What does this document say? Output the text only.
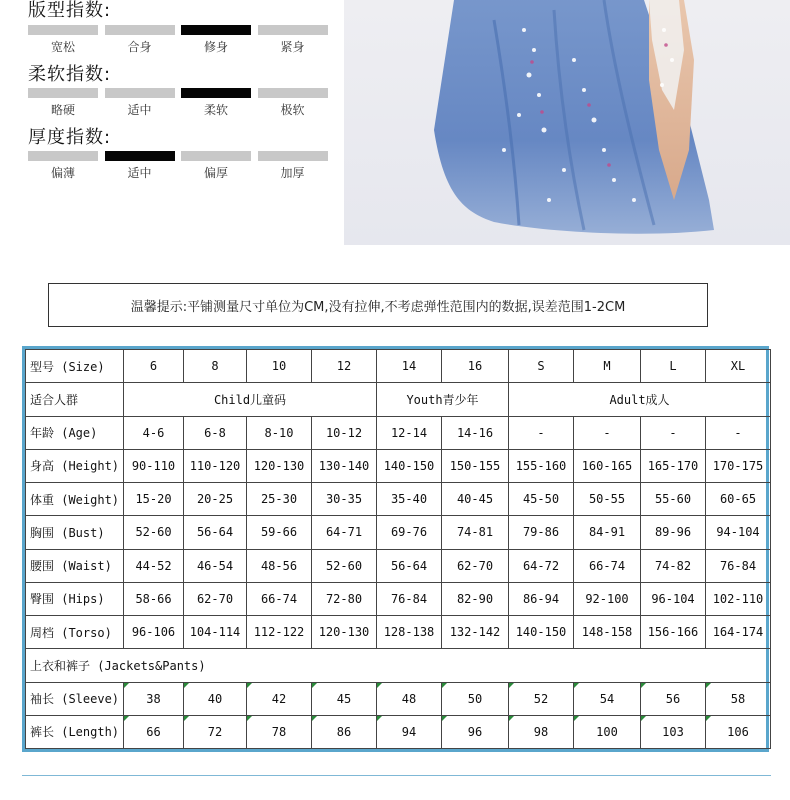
版型指数:
宽松	合身	修身	紧身
柔软指数:
略硬	适中	柔软	极软
厚度指数:
偏薄	适中	偏厚	加厚
温馨提示:平铺测量尺寸单位为CM,没有拉伸,不考虑弹性范围内的数据,误差范围1-2CM
型号 (Size)	6	8	10	12	14	16	S	M	L	XL
适合人群	Child儿童码				Youth青少年		Adult成人			
年龄 (Age)	4-6	6-8	8-10	10-12	12-14	14-16	-	-	-	-
身高 (Height)	90-110	110-120	120-130	130-140	140-150	150-155	155-160	160-165	165-170	170-175
体重 (Weight)	15-20	20-25	25-30	30-35	35-40	40-45	45-50	50-55	55-60	60-65
胸围 (Bust)	52-60	56-64	59-66	64-71	69-76	74-81	79-86	84-91	89-96	94-104
腰围 (Waist)	44-52	46-54	48-56	52-60	56-64	62-70	64-72	66-74	74-82	76-84
臀围 (Hips)	58-66	62-70	66-74	72-80	76-84	82-90	86-94	92-100	96-104	102-110
周档 (Torso)	96-106	104-114	112-122	120-130	128-138	132-142	140-150	148-158	156-166	164-174
上衣和裤子 (Jackets&Pants)										
袖长 (Sleeve)	38	40	42	45	48	50	52	54	56	58
裤长 (Length)	66	72	78	86	94	96	98	100	103	106
